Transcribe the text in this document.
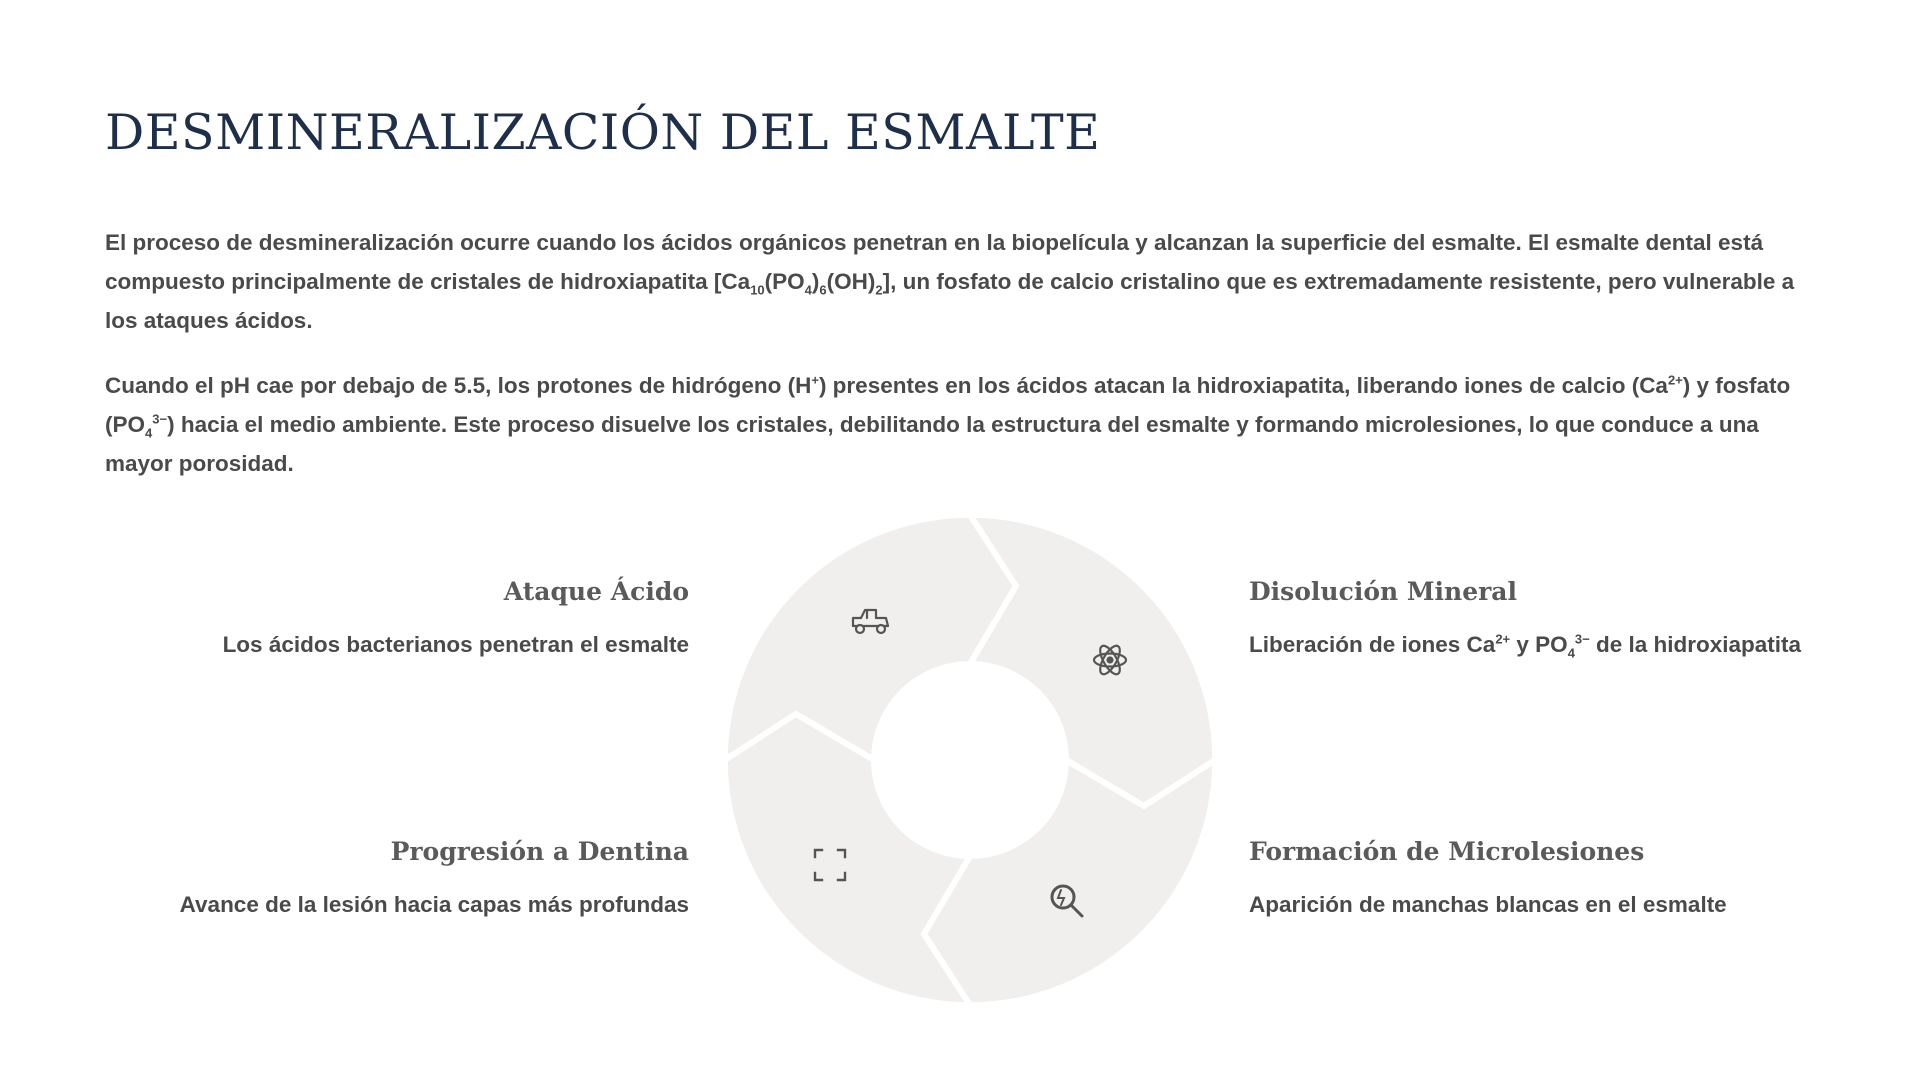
DESMINERALIZACIÓN DEL ESMALTE

El proceso de desmineralización ocurre cuando los ácidos orgánicos penetran en la biopelícula y alcanzan la superficie del esmalte. El esmalte dental está compuesto principalmente de cristales de hidroxiapatita $[Ca_{10}(PO_4)_6(OH)_2]$, un fosfato de calcio cristalino que es extremadamente resistente, pero vulnerable a los ataques ácidos.

Cuando el pH cae por debajo de 5.5, los protones de hidrógeno (H+) presentes en los ácidos atacan la hidroxiapatita, liberando iones de calcio $(Ca^{2+})$ y fosfato $(PO_4^{3-})$ hacia el medio ambiente. Este proceso disuelve los cristales, debilitando la estructura del esmalte y formando microlesiones, lo que conduce a una mayor porosidad.

Ataque Ácido

Los ácidos bacterianos penetran el esmalte

Progresión a Dentina

Avance de la lesión hacia capas más profundas

Disolución Mineral

Liberación de iones $Ca^{2+}$ y $PO_4^{3-}$ de la hidroxiapatita

Formación de Microlesiones

Aparición de manchas blancas en el esmalte
